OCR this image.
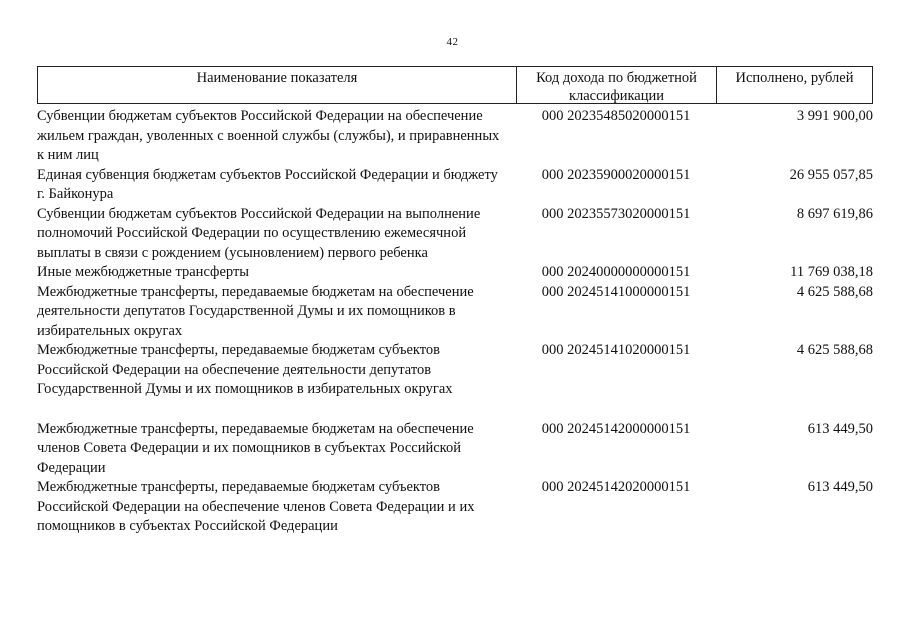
42
Наименование показателя	Код дохода по бюджетной классификации
Исполнено, рублей
Субвенции бюджетам субъектов Российской Федерации на обеспечение жильем граждан, уволенных с военной службы (службы), и приравненных к ним лиц
000 20235485020000151	3 991 900,00
Единая субвенция бюджетам субъектов Российской Федерации и бюджету г. Байконура
000 20235900020000151	26 955 057,85
Субвенции бюджетам субъектов Российской Федерации на выполнение полномочий Российской Федерации по осуществлению ежемесячной выплаты в связи с рождением (усыновлением) первого ребенка
000 20235573020000151	8 697 619,86
Иные межбюджетные трансферты	000 20240000000000151	11 769 038,18
Межбюджетные трансферты, передаваемые бюджетам на обеспечение деятельности депутатов Государственной Думы и их помощников в избирательных округах
000 20245141000000151	4 625 588,68
Межбюджетные трансферты, передаваемые бюджетам субъектов Российской Федерации на обеспечение деятельности депутатов Государственной Думы и их помощников в избирательных округах
000 20245141020000151	4 625 588,68
Межбюджетные трансферты, передаваемые бюджетам на обеспечение членов Совета Федерации и их помощников в субъектах Российской Федерации
000 20245142000000151	613 449,50
Межбюджетные трансферты, передаваемые бюджетам субъектов Российской Федерации на обеспечение членов Совета Федерации и их помощников в субъектах Российской Федерации
000 20245142020000151	613 449,50
